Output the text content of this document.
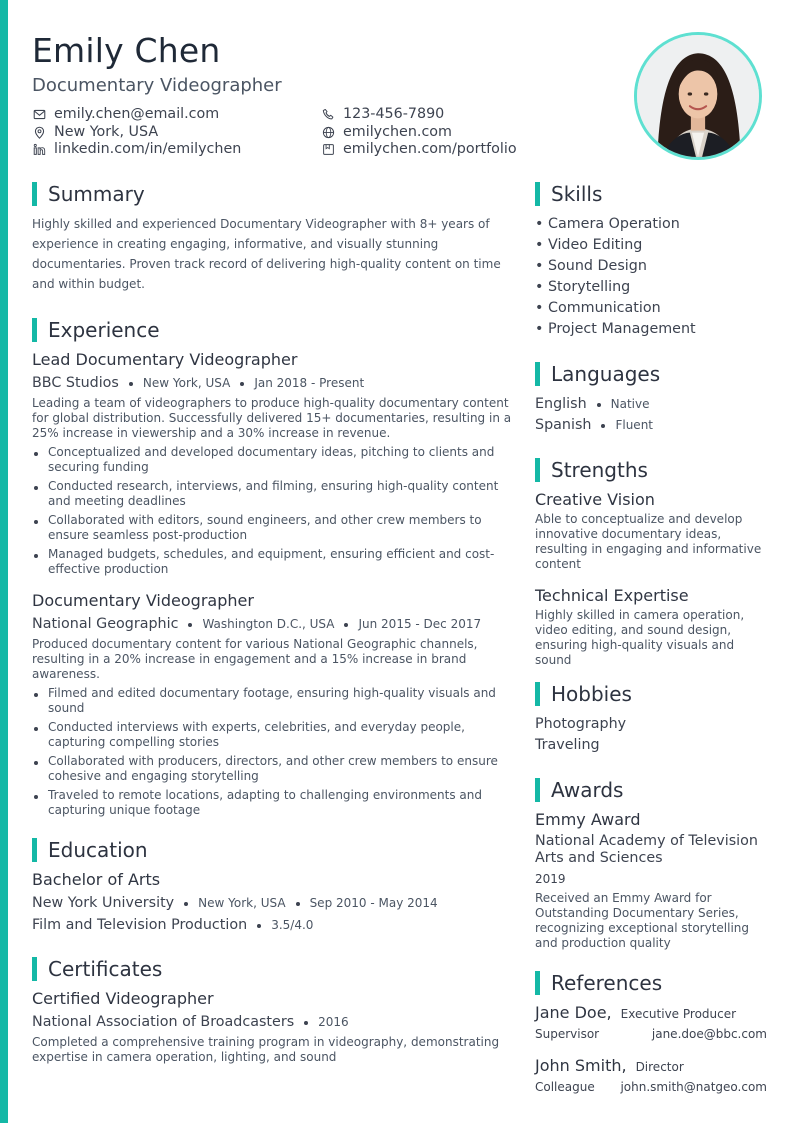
Emily Chen
Documentary Videographer
emily.chen@email.com	123-456-7890
New York, USA	emilychen.com
linkedin.com/in/emilychen	emilychen.com/portfolio
Summary
Highly skilled and experienced Documentary Videographer with 8+ years of experience in creating engaging, informative, and visually stunning documentaries. Proven track record of delivering high-quality content on time and within budget.
Experience
Lead Documentary Videographer
BBC Studios New York, USA Jan 2018 - Present
Leading a team of videographers to produce high-quality documentary content for global distribution. Successfully delivered 15+ documentaries, resulting in a 25% increase in viewership and a 30% increase in revenue.
Conceptualized and developed documentary ideas, pitching to clients and securing funding
Conducted research, interviews, and filming, ensuring high-quality content and meeting deadlines
Collaborated with editors, sound engineers, and other crew members to ensure seamless post-production
Managed budgets, schedules, and equipment, ensuring efficient and cost-effective production
Documentary Videographer
National Geographic Washington D.C., USA Jun 2015 - Dec 2017
Produced documentary content for various National Geographic channels, resulting in a 20% increase in engagement and a 15% increase in brand awareness.
Filmed and edited documentary footage, ensuring high-quality visuals and sound
Conducted interviews with experts, celebrities, and everyday people, capturing compelling stories
Collaborated with producers, directors, and other crew members to ensure cohesive and engaging storytelling
Traveled to remote locations, adapting to challenging environments and capturing unique footage
Education
Bachelor of Arts
New York University New York, USA Sep 2010 - May 2014
Film and Television Production 3.5/4.0
Certificates
Certified Videographer
National Association of Broadcasters 2016
Completed a comprehensive training program in videography, demonstrating expertise in camera operation, lighting, and sound
Skills
• Camera Operation
• Video Editing
• Sound Design
• Storytelling
• Communication
• Project Management
Languages
English Native
Spanish Fluent
Strengths
Creative Vision
Able to conceptualize and develop innovative documentary ideas, resulting in engaging and informative content
Technical Expertise
Highly skilled in camera operation, video editing, and sound design, ensuring high-quality visuals and sound
Hobbies
Photography
Traveling
Awards
Emmy Award
National Academy of Television Arts and Sciences
2019
Received an Emmy Award for Outstanding Documentary Series, recognizing exceptional storytelling and production quality
References
Jane Doe, Executive Producer
Supervisor	jane.doe@bbc.com
John Smith, Director
Colleague john.smith@natgeo.com
